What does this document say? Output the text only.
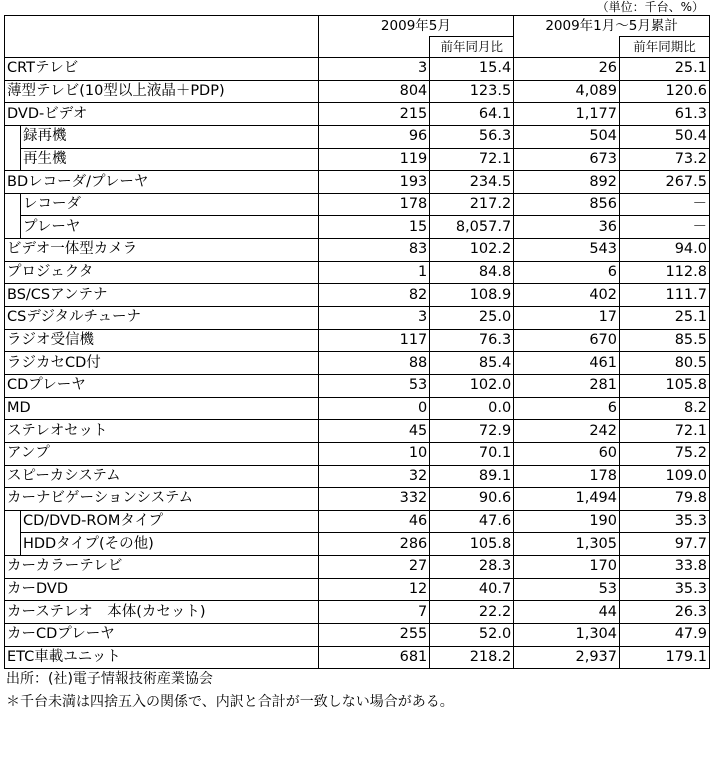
（単位：千台、%）
		2009年5月		2009年1月～5月累計	
			前年同月比		前年同期比
CRTテレビ		3	15.4	26	25.1
薄型テレビ(10型以上液晶＋PDP)		804	123.5	4,089	120.6
DVD-ビデオ		215	64.1	1,177	61.3
	録再機	96	56.3	504	50.4
	再生機	119	72.1	673	73.2
BDレコーダ/プレーヤ		193	234.5	892	267.5
	レコーダ	178	217.2	856	－
	プレーヤ	15	8,057.7	36	－
ビデオ一体型カメラ		83	102.2	543	94.0
プロジェクタ		1	84.8	6	112.8
BS/CSアンテナ		82	108.9	402	111.7
CSデジタルチューナ		3	25.0	17	25.1
ラジオ受信機		117	76.3	670	85.5
ラジカセCD付		88	85.4	461	80.5
CDプレーヤ		53	102.0	281	105.8
MD		0	0.0	6	8.2
ステレオセット		45	72.9	242	72.1
アンプ		10	70.1	60	75.2
スピーカシステム		32	89.1	178	109.0
カーナビゲーションシステム		332	90.6	1,494	79.8
	CD/DVD-ROMタイプ	46	47.6	190	35.3
	HDDタイプ(その他)	286	105.8	1,305	97.7
カーカラーテレビ		27	28.3	170	33.8
カーDVD		12	40.7	53	35.3
カーステレオ　本体(カセット)		7	22.2	44	26.3
カーCDプレーヤ		255	52.0	1,304	47.9
ETC車載ユニット		681	218.2	2,937	179.1
出所：(社)電子情報技術産業協会
＊千台未満は四捨五入の関係で、内訳と合計が一致しない場合がある。
